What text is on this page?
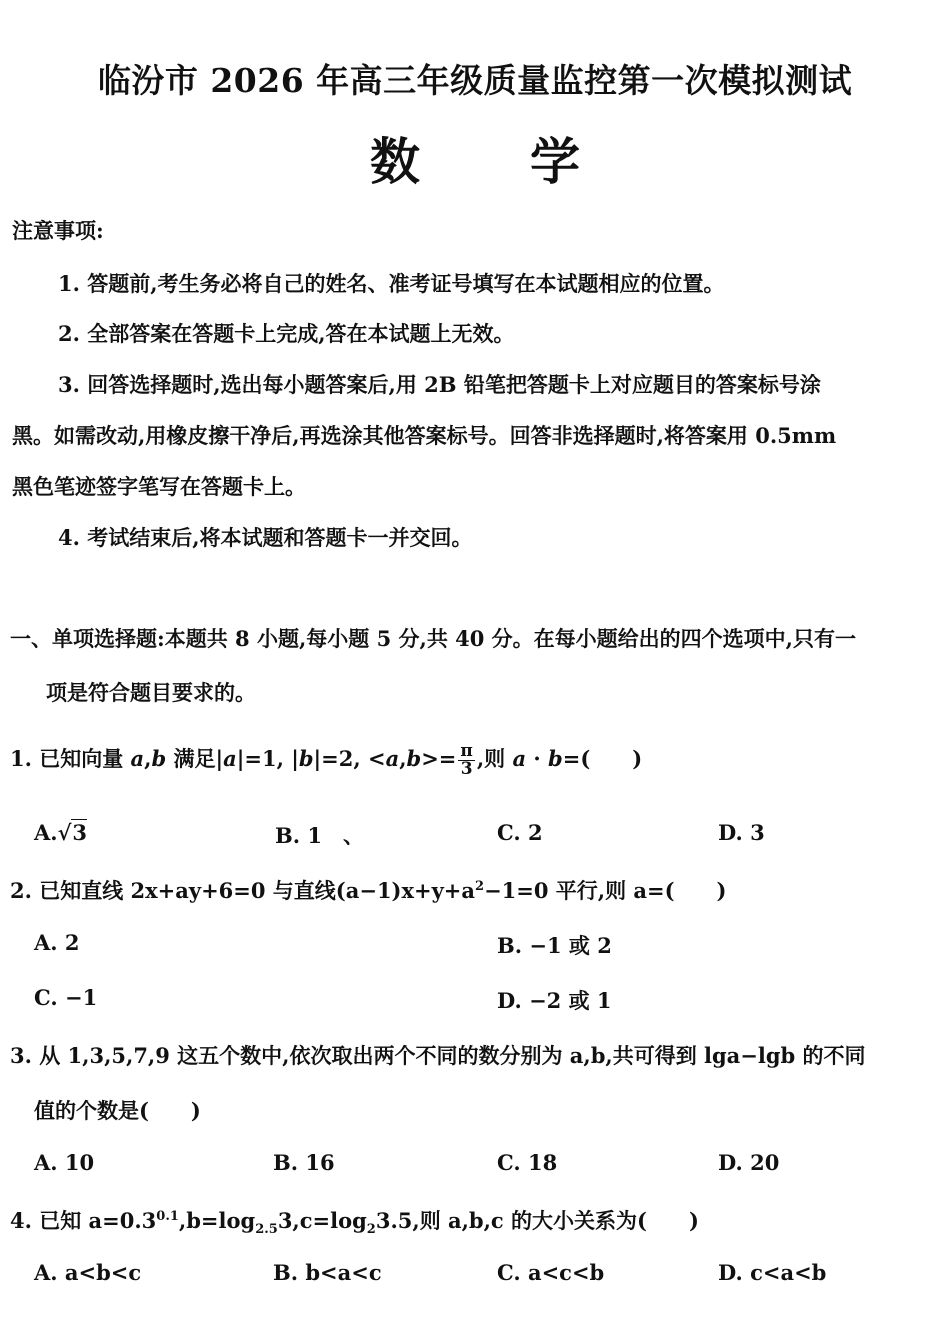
临汾市 2026 年高三年级质量监控第一次模拟测试
数 学
注意事项:
1. 答题前,考生务必将自己的姓名、准考证号填写在本试题相应的位置。
2. 全部答案在答题卡上完成,答在本试题上无效。
3. 回答选择题时,选出每小题答案后,用 2B 铅笔把答题卡上对应题目的答案标号涂
黑。如需改动,用橡皮擦干净后,再选涂其他答案标号。回答非选择题时,将答案用 0.5mm
黑色笔迹签字笔写在答题卡上。
4. 考试结束后,将本试题和答题卡一并交回。
一、单项选择题:本题共 8 小题,每小题 5 分,共 40 分。在每小题给出的四个选项中,只有一
项是符合题目要求的。
1. 已知向量 a,b 满足|a|=1, |b|=2, $<a,b>= \frac{\pi}{3}$ ,则 a · b=(　　)
A.√3	B. 1　、	C. 2	D. 3
2. 已知直线 2x+ay+6=0 与直线$(a-1)x+y+a^2-1=0$ 平行,则 a=(　　)
A. 2	B. −1 或 2
C. −1	D. −2 或 1
3. 从 1,3,5,7,9 这五个数中,依次取出两个不同的数分别为 a,b,共可得到 lga−lgb 的不同
值的个数是(　　)
A. 10	B. 16	C. 18	D. 20
4. 已知 $a=0.3^{0.1},b=\log_{2.5}3,c=\log_23.5$,则 a,b,c 的大小关系为(　　)
A. a<b<c	B. b<a<c	C. a<c<b	D. c<a<b
